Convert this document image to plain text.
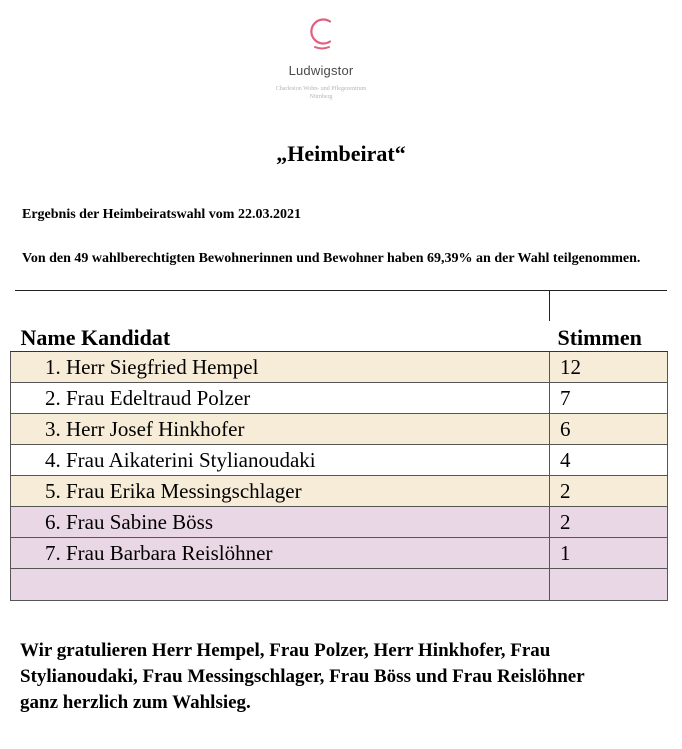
Ludwigstor
Charleston Wohn- und Pflegezentrum
Nürnberg
„Heimbeirat“
Ergebnis der Heimbeiratswahl vom 22.03.2021
Von den 49 wahlberechtigten Bewohnerinnen und Bewohner haben 69,39% an der Wahl teilgenommen.
Name Kandidat	Stimmen
1. Herr Siegfried Hempel	12
2. Frau Edeltraud Polzer	7
3. Herr Josef Hinkhofer	6
4. Frau Aikaterini Stylianoudaki	4
5. Frau Erika Messingschlager	2
6. Frau Sabine Böss	2
7. Frau Barbara Reislöhner	1

Wir gratulieren Herr Hempel, Frau Polzer, Herr Hinkhofer, Frau Stylianoudaki, Frau Messingschlager, Frau Böss und Frau Reislöhner ganz herzlich zum Wahlsieg.
